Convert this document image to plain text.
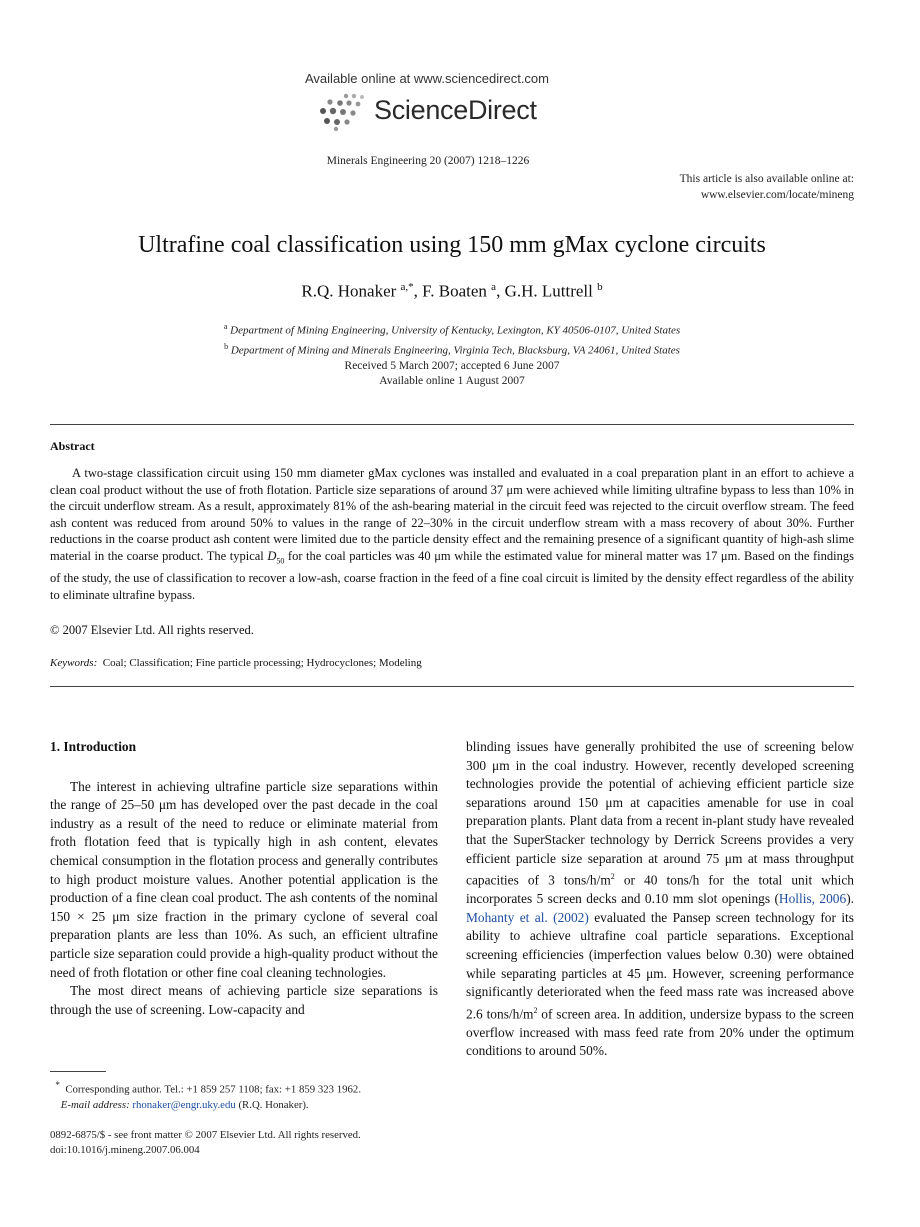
Available online at www.sciencedirect.com
ScienceDirect
Minerals Engineering 20 (2007) 1218–1226
This article is also available online at:
www.elsevier.com/locate/mineng
Ultrafine coal classification using 150 mm gMax cyclone circuits
R.Q. Honaker $^{a,*}$, F. Boaten $^a$, G.H. Luttrell $^b$
$^a$ Department of Mining Engineering, University of Kentucky, Lexington, KY 40506-0107, United States
$^b$ Department of Mining and Minerals Engineering, Virginia Tech, Blacksburg, VA 24061, United States
Received 5 March 2007; accepted 6 June 2007
Available online 1 August 2007
Abstract

A two-stage classification circuit using 150 mm diameter gMax cyclones was installed and evaluated in a coal preparation plant in an effort to achieve a clean coal product without the use of froth flotation. Particle size separations of around 37 μm were achieved while limiting ultrafine bypass to less than 10% in the circuit underflow stream. As a result, approximately 81% of the ash-bearing material in the circuit feed was rejected to the circuit overflow stream. The feed ash content was reduced from around 50% to values in the range of 22–30% in the circuit underflow stream with a mass recovery of about 30%. Further reductions in the coarse product ash content were limited due to the particle density effect and the remaining presence of a significant quantity of high-ash slime material in the coarse product. The typical $D_{50}$ for the coal particles was 40 μm while the estimated value for mineral matter was 17 μm. Based on the findings of the study, the use of classification to recover a low-ash, coarse fraction in the feed of a fine coal circuit is limited by the density effect regardless of the ability to eliminate ultrafine bypass.

© 2007 Elsevier Ltd. All rights reserved.
Keywords: Coal; Classification; Fine particle processing; Hydrocyclones; Modeling
1. Introduction

The interest in achieving ultrafine particle size separations within the range of 25–50 μm has developed over the past decade in the coal industry as a result of the need to reduce or eliminate material from froth flotation feed that is typically high in ash content, elevates chemical consumption in the flotation process and generally contributes to high product moisture values. Another potential application is the production of a fine clean coal product. The ash contents of the nominal 150 × 25 μm size fraction in the primary cyclone of several coal preparation plants are less than 10%. As such, an efficient ultrafine particle size separation could provide a high-quality product without the need of froth flotation or other fine coal cleaning technologies.

The most direct means of achieving particle size separations is through the use of screening. Low-capacity and

blinding issues have generally prohibited the use of screening below 300 μm in the coal industry. However, recently developed screening technologies provide the potential of achieving efficient particle size separations around 150 μm at capacities amenable for use in coal preparation plants. Plant data from a recent in-plant study have revealed that the SuperStacker technology by Derrick Screens provides a very efficient particle size separation at around 75 μm at mass throughput capacities of 3 tons/$h/m^2$ or 40 tons/h for the total unit which incorporates 5 screen decks and 0.10 mm slot openings (Hollis, 2006). Mohanty et al. (2002) evaluated the Pansep screen technology for its ability to achieve ultrafine coal particle separations. Exceptional screening efficiencies (imperfection values below 0.30) were obtained while separating particles at 45 μm. However, screening performance significantly deteriorated when the feed mass rate was increased above 2.6 tons/$h/m^2$ of screen area. In addition, undersize bypass to the screen overflow increased with mass feed rate from 20% under the optimum conditions to around 50%.

* Corresponding author. Tel.: +1 859 257 1108; fax: +1 859 323 1962.
E-mail address: rhonaker@engr.uky.edu (R.Q. Honaker).
0892-6875/$ - see front matter © 2007 Elsevier Ltd. All rights reserved.
doi:10.1016/j.mineng.2007.06.004
